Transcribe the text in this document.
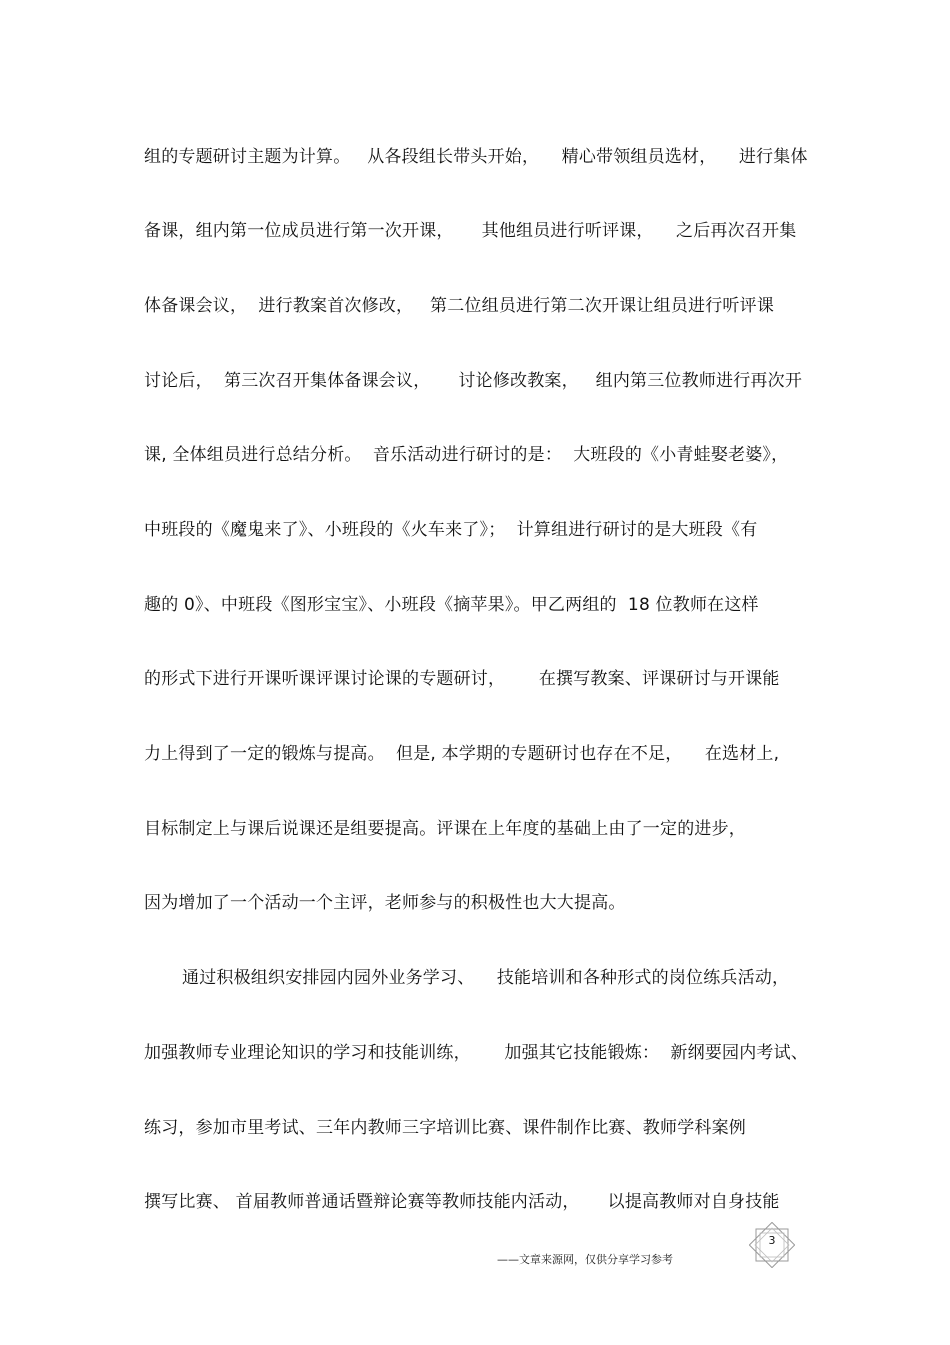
组的专题研讨主题为计算。   从各段组长带头开始，    精心带领组员选材，    进行集体
备课，组内第一位成员进行第一次开课，     其他组员进行听评课，    之后再次召开集
体备课会议，  进行教案首次修改，   第二位组员进行第二次开课让组员进行听评课
讨论后，  第三次召开集体备课会议，     讨论修改教案，   组内第三位教师进行再次开
课, 全体组员进行总结分析。  音乐活动进行研讨的是：  大班段的《小青蛙娶老婆》，
中班段的《魔鬼来了》、小班段的《火车来了》；  计算组进行研讨的是大班段《有
趣的 0》、中班段《图形宝宝》、小班段《摘苹果》。甲乙两组的  18 位教师在这样
的形式下进行开课听课评课讨论课的专题研讨，      在撰写教案、评课研讨与开课能
力上得到了一定的锻炼与提高。  但是, 本学期的专题研讨也存在不足，    在选材上,
目标制定上与课后说课还是组要提高。评课在上年度的基础上由了一定的进步，
因为增加了一个活动一个主评，老师参与的积极性也大大提高。
通过积极组织安排园内园外业务学习、    技能培训和各种形式的岗位练兵活动，
加强教师专业理论知识的学习和技能训练，      加强其它技能锻炼：  新纲要园内考试、
练习，参加市里考试、三年内教师三字培训比赛、课件制作比赛、教师学科案例
撰写比赛、 首届教师普通话暨辩论赛等教师技能内活动，     以提高教师对自身技能
3
——文章来源网，仅供分享学习参考
